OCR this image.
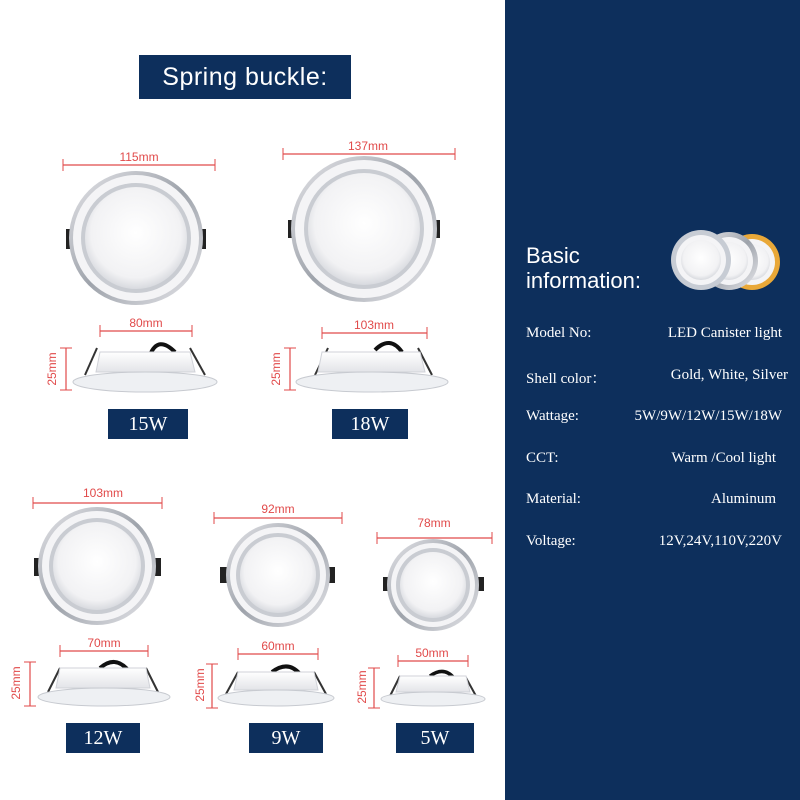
Spring buckle:
115mm
80mm
25mm
15W
137mm
103mm
25mm
18W
103mm
70mm
25mm
12W
92mm
60mm
25mm
9W
78mm
50mm
25mm
5W
Basic
information:
Model No:	LED Canister light
Shell color：	Gold, White, Silver
Wattage:	5W/9W/12W/15W/18W
CCT:	Warm /Cool light
Material:	Aluminum
Voltage:	12V,24V,110V,220V
